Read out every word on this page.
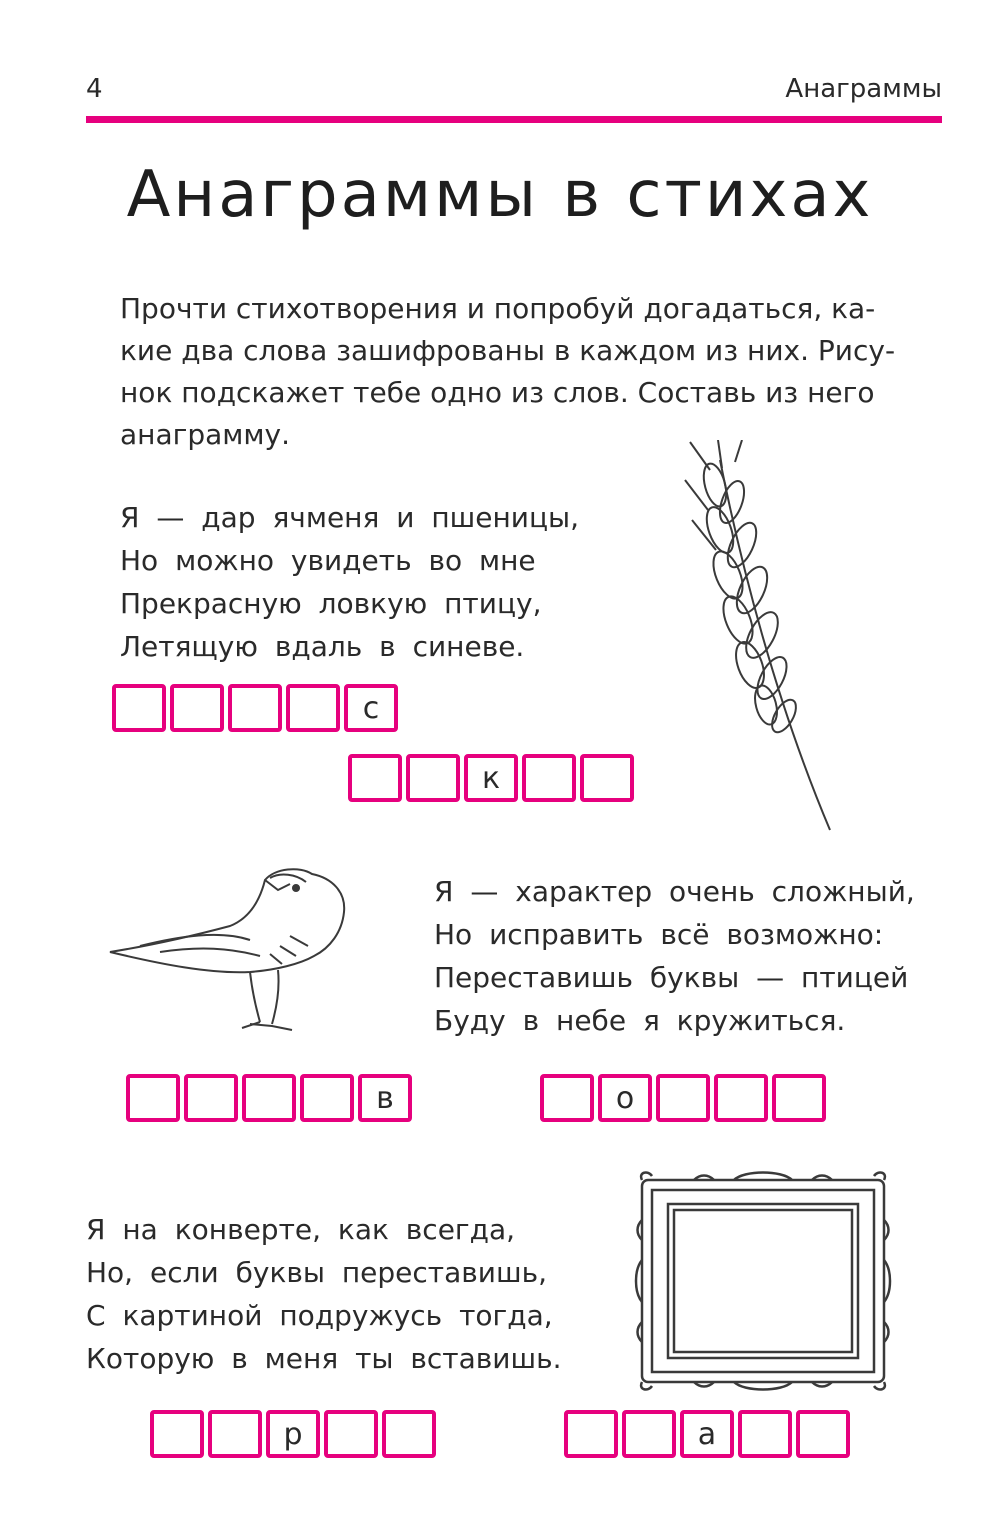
4	Анаграммы
Анаграммы в стихах
Прочти стихотворения и попробуй догадаться, ка-
кие два слова зашифрованы в каждом из них. Рису-
нок подскажет тебе одно из слов. Составь из него
анаграмму.
Я — дар ячменя и пшеницы,
Но можно увидеть во мне
Прекрасную ловкую птицу,
Летящую вдаль в синеве.
с
к
Я — характер очень сложный,
Но исправить всё возможно:
Переставишь буквы — птицей
Буду в небе я кружиться.
в	о
Я на конверте, как всегда,
Но, если буквы переставишь,
С картиной подружусь тогда,
Которую в меня ты вставишь.
р	а
